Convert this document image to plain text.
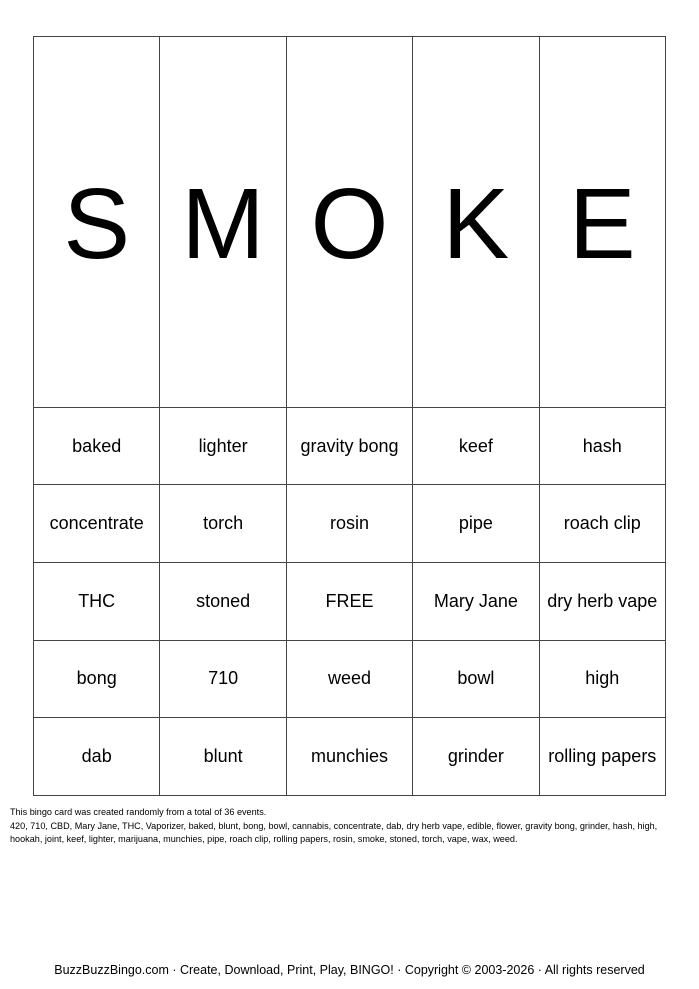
S	M	O	K	E
baked	lighter	gravity bong	keef	hash
concentrate	torch	rosin	pipe	roach clip
THC	stoned	FREE	Mary Jane	dry herb vape
bong	710	weed	bowl	high
dab	blunt	munchies	grinder	rolling papers

This bingo card was created randomly from a total of 36 events.

420, 710, CBD, Mary Jane, THC, Vaporizer, baked, blunt, bong, bowl, cannabis, concentrate, dab, dry herb vape, edible, flower, gravity bong, grinder, hash, high, hookah, joint, keef, lighter, marijuana, munchies, pipe, roach clip, rolling papers, rosin, smoke, stoned, torch, vape, wax, weed.

BuzzBuzzBingo.com · Create, Download, Print, Play, BINGO! · Copyright © 2003-2026 · All rights reserved
